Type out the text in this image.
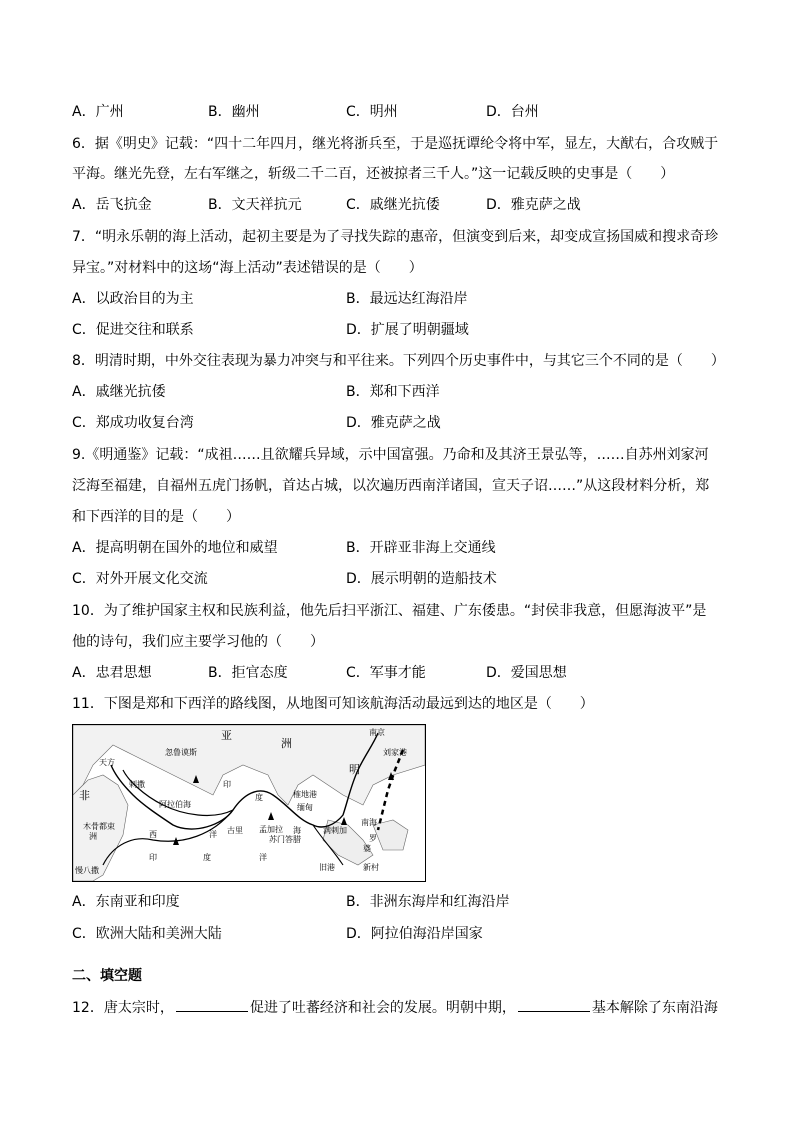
A．广州	B．幽州	C．明州	D．台州
6．据《明史》记载：“四十二年四月，继光将浙兵至，于是巡抚谭纶令将中军，显左，大猷右，合攻贼于
平海。继光先登，左右军继之，斩级二千二百，还被掠者三千人。”这一记载反映的史事是（　　）
A．岳飞抗金	B．文天祥抗元	C．戚继光抗倭	D．雅克萨之战
7．“明永乐朝的海上活动，起初主要是为了寻找失踪的惠帝，但演变到后来，却变成宣扬国威和搜求奇珍
异宝。”对材料中的这场“海上活动”表述错误的是（　　）
A．以政治目的为主	B．最远达红海沿岸
C．促进交往和联系	D．扩展了明朝疆域
8．明清时期，中外交往表现为暴力冲突与和平往来。下列四个历史事件中，与其它三个不同的是（　　）
A．戚继光抗倭	B．郑和下西洋
C．郑成功收复台湾	D．雅克萨之战
9.《明通鉴》记载：“成祖……且欲耀兵异域，示中国富强。乃命和及其济王景弘等，……自苏州刘家河
泛海至福建，自福州五虎门扬帆，首达占城，以次遍历西南洋诸国，宣天子诏……”从这段材料分析，郑
和下西洋的目的是（　　）
A．提高明朝在国外的地位和威望	B．开辟亚非海上交通线
C．对外开展文化交流	D．展示明朝的造船技术
10．为了维护国家主权和民族利益，他先后扫平浙江、福建、广东倭患。“封侯非我意，但愿海波平”是
他的诗句，我们应主要学习他的（　　）
A．忠君思想	B．拒官态度	C．军事才能	D．爱国思想
11．下图是郑和下西洋的路线图，从地图可知该航海活动最远到达的地区是（　　）
亚
洲
南京
刘家港
忽鲁谟斯
天方
剌撒
非
阿拉伯海
印
度
明
榷地港
缅甸
古里 孟加拉 海
南海
木骨都束
洲	西	洋	满剌加
苏门答腊	罗
婆
印	度	洋
慢八撒	旧港	新村
A．东南亚和印度	B．非洲东海岸和红海沿岸
C．欧洲大陆和美洲大陆	D．阿拉伯海沿岸国家
二、填空题
12．唐太宗时，	促进了吐蕃经济和社会的发展。明朝中期，	基本解除了东南沿海
